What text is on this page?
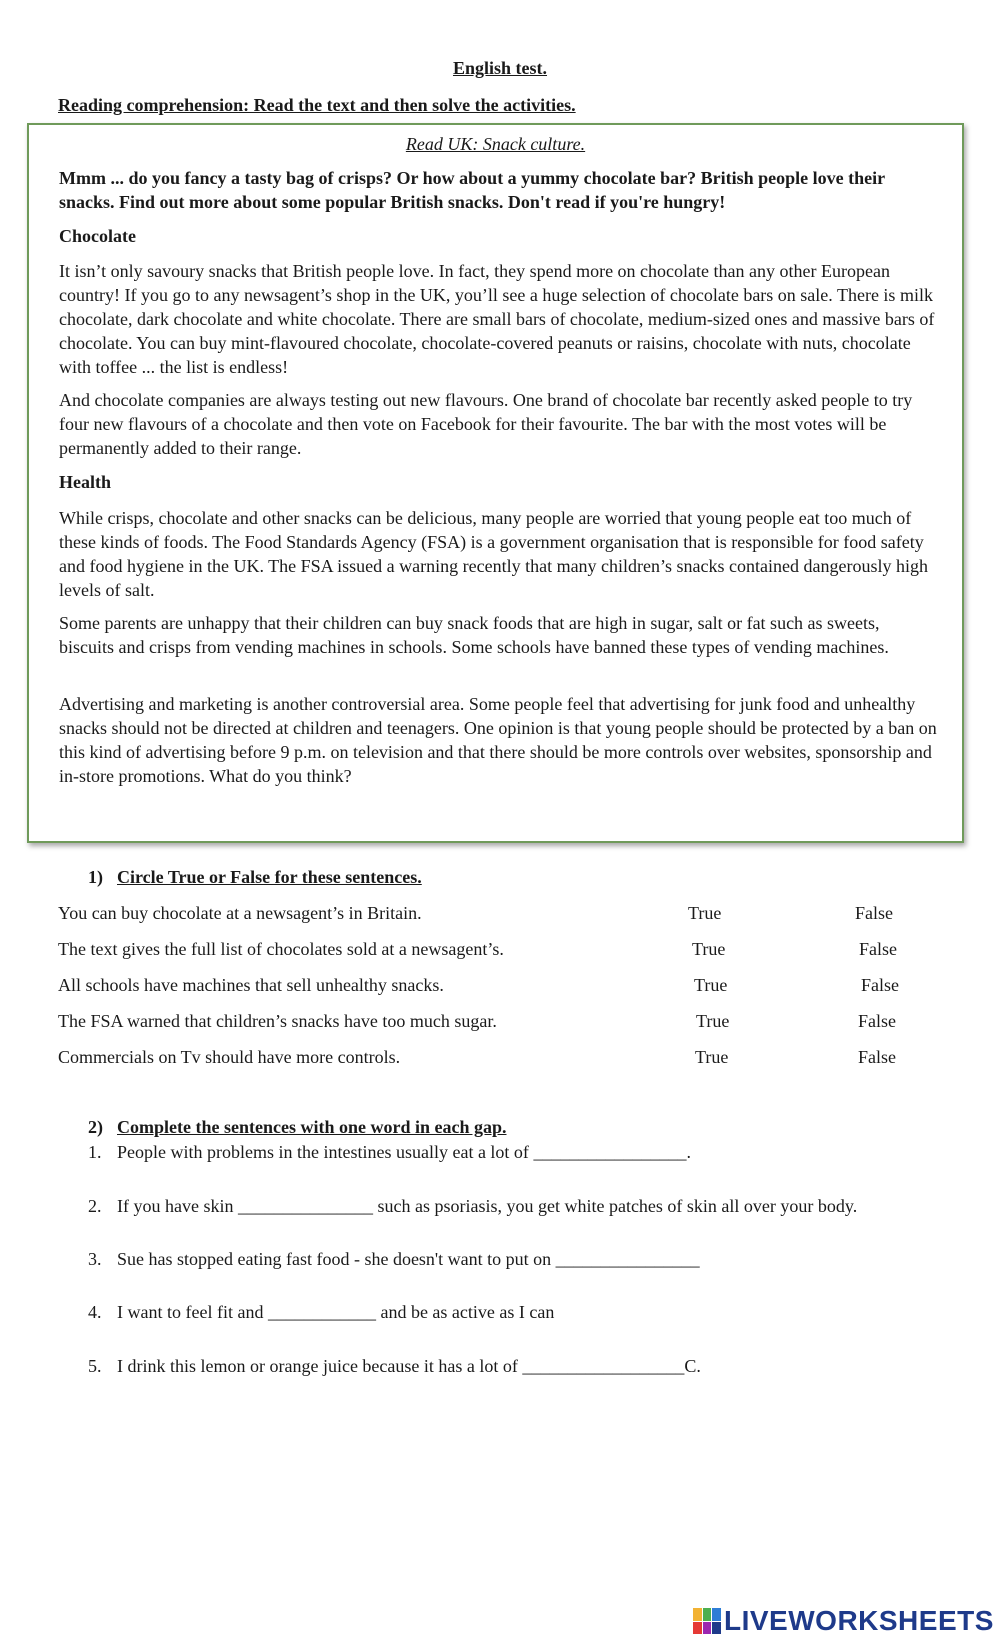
English test.
Reading comprehension: Read the text and then solve the activities.
Read UK: Snack culture.
Mmm ... do you fancy a tasty bag of crisps? Or how about a yummy chocolate bar? British people love their snacks. Find out more about some popular British snacks. Don't read if you're hungry!
Chocolate
It isn’t only savoury snacks that British people love. In fact, they spend more on chocolate than any other European country! If you go to any newsagent’s shop in the UK, you’ll see a huge selection of chocolate bars on sale. There is milk chocolate, dark chocolate and white chocolate. There are small bars of chocolate, medium-sized ones and massive bars of chocolate. You can buy mint-flavoured chocolate, chocolate-covered peanuts or raisins, chocolate with nuts, chocolate with toffee ... the list is endless!
And chocolate companies are always testing out new flavours. One brand of chocolate bar recently asked people to try four new flavours of a chocolate and then vote on Facebook for their favourite. The bar with the most votes will be permanently added to their range.
Health
While crisps, chocolate and other snacks can be delicious, many people are worried that young people eat too much of these kinds of foods. The Food Standards Agency (FSA) is a government organisation that is responsible for food safety and food hygiene in the UK. The FSA issued a warning recently that many children’s snacks contained dangerously high levels of salt.
Some parents are unhappy that their children can buy snack foods that are high in sugar, salt or fat such as sweets, biscuits and crisps from vending machines in schools. Some schools have banned these types of vending machines.
Advertising and marketing is another controversial area. Some people feel that advertising for junk food and unhealthy snacks should not be directed at children and teenagers. One opinion is that young people should be protected by a ban on this kind of advertising before 9 p.m. on television and that there should be more controls over websites, sponsorship and in-store promotions. What do you think?
1) Circle True or False for these sentences.
You can buy chocolate at a newsagent’s in Britain.	True	False
The text gives the full list of chocolates sold at a newsagent’s.	True	False
All schools have machines that sell unhealthy snacks.	True	False
The FSA warned that children’s snacks have too much sugar.	True	False
Commercials on Tv should have more controls.	True	False
2) Complete the sentences with one word in each gap.
1. People with problems in the intestines usually eat a lot of _________________.
2. If you have skin _______________ such as psoriasis, you get white patches of skin all over your body.
3. Sue has stopped eating fast food - she doesn't want to put on ________________
4. I want to feel fit and ____________ and be as active as I can
5. I drink this lemon or orange juice because it has a lot of __________________C.
LIVEWORKSHEETS
